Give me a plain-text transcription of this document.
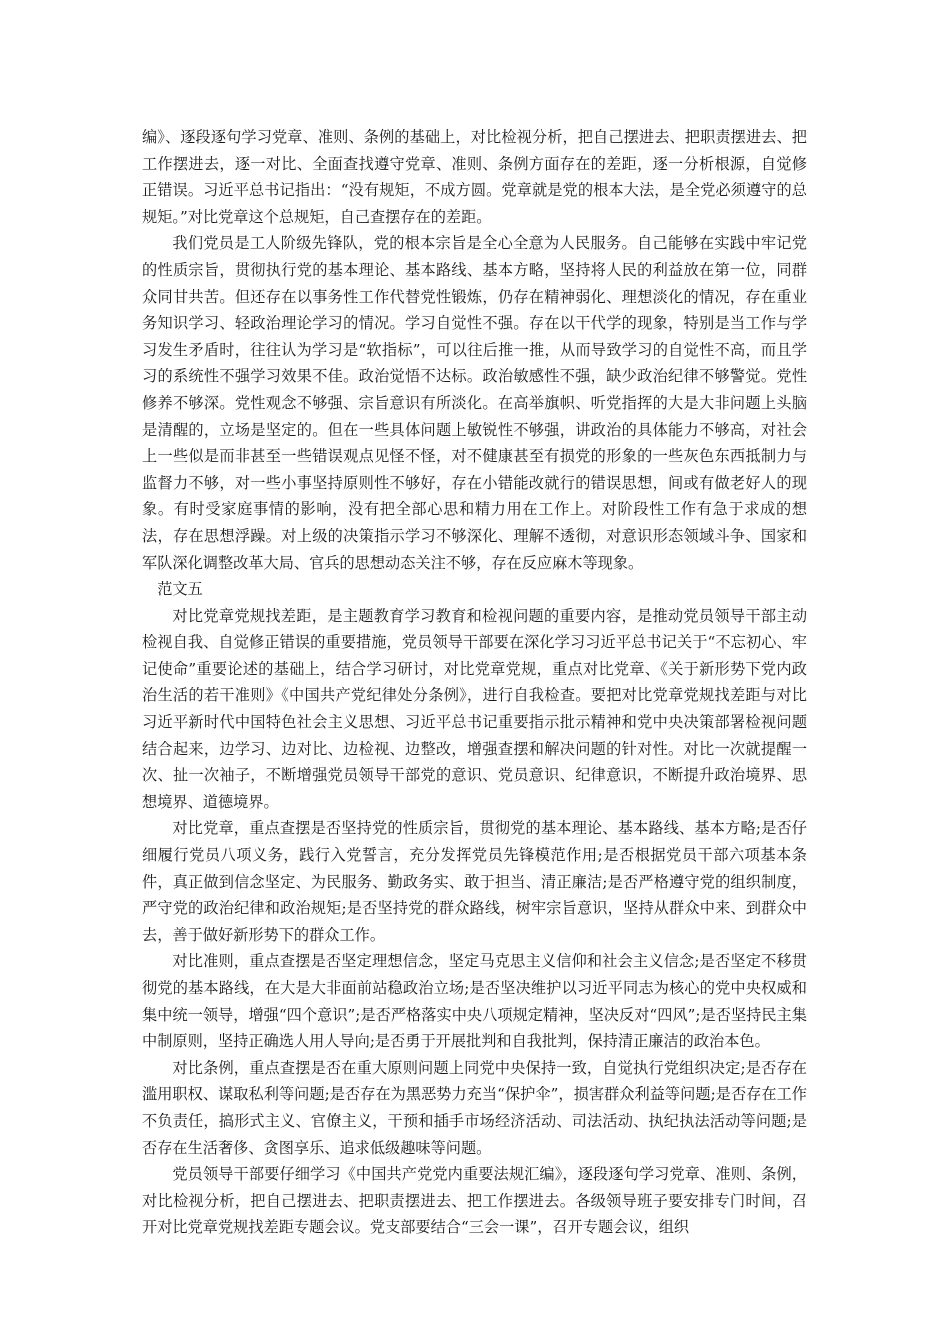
编》、逐段逐句学习党章、准则、条例的基础上，对比检视分析，把自己摆进去、把职责摆进去、把工作摆进去，逐一对比、全面查找遵守党章、准则、条例方面存在的差距，逐一分析根源，自觉修正错误。习近平总书记指出：“没有规矩，不成方圆。党章就是党的根本大法，是全党必须遵守的总规矩。”对比党章这个总规矩，自己查摆存在的差距。

我们党员是工人阶级先锋队，党的根本宗旨是全心全意为人民服务。自己能够在实践中牢记党的性质宗旨，贯彻执行党的基本理论、基本路线、基本方略，坚持将人民的利益放在第一位，同群众同甘共苦。但还存在以事务性工作代替党性锻炼，仍存在精神弱化、理想淡化的情况，存在重业务知识学习、轻政治理论学习的情况。学习自觉性不强。存在以干代学的现象，特别是当工作与学习发生矛盾时，往往认为学习是“软指标”，可以往后推一推，从而导致学习的自觉性不高，而且学习的系统性不强学习效果不佳。政治觉悟不达标。政治敏感性不强，缺少政治纪律不够警觉。党性修养不够深。党性观念不够强、宗旨意识有所淡化。在高举旗帜、听党指挥的大是大非问题上头脑是清醒的，立场是坚定的。但在一些具体问题上敏锐性不够强，讲政治的具体能力不够高，对社会上一些似是而非甚至一些错误观点见怪不怪，对不健康甚至有损党的形象的一些灰色东西抵制力与监督力不够，对一些小事坚持原则性不够好，存在小错能改就行的错误思想，间或有做老好人的现象。有时受家庭事情的影响，没有把全部心思和精力用在工作上。对阶段性工作有急于求成的想法，存在思想浮躁。对上级的决策指示学习不够深化、理解不透彻，对意识形态领域斗争、国家和军队深化调整改革大局、官兵的思想动态关注不够，存在反应麻木等现象。

范文五

对比党章党规找差距，是主题教育学习教育和检视问题的重要内容，是推动党员领导干部主动检视自我、自觉修正错误的重要措施，党员领导干部要在深化学习习近平总书记关于“不忘初心、牢记使命”重要论述的基础上，结合学习研讨，对比党章党规，重点对比党章、《关于新形势下党内政治生活的若干准则》《中国共产党纪律处分条例》，进行自我检查。要把对比党章党规找差距与对比习近平新时代中国特色社会主义思想、习近平总书记重要指示批示精神和党中央决策部署检视问题结合起来，边学习、边对比、边检视、边整改，增强查摆和解决问题的针对性。对比一次就提醒一次、扯一次袖子，不断增强党员领导干部党的意识、党员意识、纪律意识，不断提升政治境界、思想境界、道德境界。

对比党章，重点查摆是否坚持党的性质宗旨，贯彻党的基本理论、基本路线、基本方略;是否仔细履行党员八项义务，践行入党誓言，充分发挥党员先锋模范作用;是否根据党员干部六项基本条件，真正做到信念坚定、为民服务、勤政务实、敢于担当、清正廉洁;是否严格遵守党的组织制度，严守党的政治纪律和政治规矩;是否坚持党的群众路线，树牢宗旨意识，坚持从群众中来、到群众中去，善于做好新形势下的群众工作。

对比准则，重点查摆是否坚定理想信念，坚定马克思主义信仰和社会主义信念;是否坚定不移贯彻党的基本路线，在大是大非面前站稳政治立场;是否坚决维护以习近平同志为核心的党中央权威和集中统一领导，增强“四个意识”;是否严格落实中央八项规定精神，坚决反对“四风”;是否坚持民主集中制原则，坚持正确选人用人导向;是否勇于开展批判和自我批判，保持清正廉洁的政治本色。

对比条例，重点查摆是否在重大原则问题上同党中央保持一致，自觉执行党组织决定;是否存在滥用职权、谋取私利等问题;是否存在为黑恶势力充当“保护伞”，损害群众利益等问题;是否存在工作不负责任，搞形式主义、官僚主义，干预和插手市场经济活动、司法活动、执纪执法活动等问题;是否存在生活奢侈、贪图享乐、追求低级趣味等问题。

党员领导干部要仔细学习《中国共产党党内重要法规汇编》，逐段逐句学习党章、准则、条例，对比检视分析，把自己摆进去、把职责摆进去、把工作摆进去。各级领导班子要安排专门时间，召开对比党章党规找差距专题会议。党支部要结合“三会一课”，召开专题会议，组织
